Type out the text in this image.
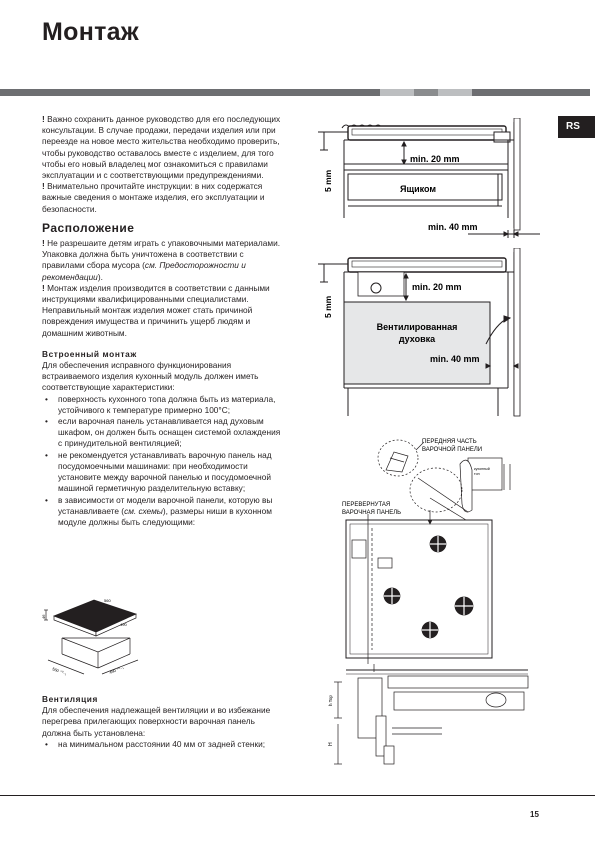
Монтаж
RS

! Важно сохранить данное руководство для его последующих консультации. В случае продажи, передачи изделия или при переезде на новое место жительства необходимо проверить, чтобы руководство оставалось вместе с изделием, для того чтобы его новый владелец мог ознакомиться с правилами эксплуатации и с соответствующими предупреждениями.

! Внимательно прочитайте инструкции: в них содержатся важные сведения о монтаже изделия, его эксплуатации и безопасности.

Расположение

! Не разрешаите детям играть с упаковочными материалами. Упаковка должна быть уничтожена в соответствии с правилами сбора мусора (см. Предосторожности и рекомендации).

! Монтаж изделия производится в соответствии с данными инструкциями квалифицированными специалистами. Неправильный монтаж изделия может стать причиной повреждения имущества и причинить ущерб людям и домашним животным.

Встроенный монтаж

Для обеспечения исправного функционирования встраиваемого изделия кухонный модуль должен иметь соответствующие характеристики:

• поверхность кухонного топа должна быть из материала, устойчивого к температуре примерно 100°C;
• если варочная панель устанавливается над духовым шкафом, он должен быть оснащен системой охлаждения с принудительной вентиляцией;
• не рекомендуется устанавливать варочную панель над посудомоечными машинами: при необходимости установите между варочной панелью и посудомоечной машиной герметичную разделительную вставку;
• в зависимости от модели варочной панели, которую вы устанавливаете (см. схемы), размеры ниши в кухонном модуле должны быть следующими:
560
490
46
560 ⁺⁰₋₁	490 ⁺⁰₋₁

Вентиляция

Для обеспечения надлежащей вентиляции и во избежание

перегрева прилегающих поверхности варочная панель должна быть установлена:

• на минимальном расстоянии 40 мм от задней стенки;
min. 20 mm
5 mm	Ящиком
min. 40 mm
min. 20 mm
5 mm
Вентилированная
духовка
min. 40 mm
ПЕРЕДНЯЯ ЧАСТЬ
ВАРОЧНОЙ ПАНЕЛИ
кухонный
топ
ПЕРЕВЕРНУТАЯ
ВАРОЧНАЯ ПАНЕЛЬ
h Top
H
15
